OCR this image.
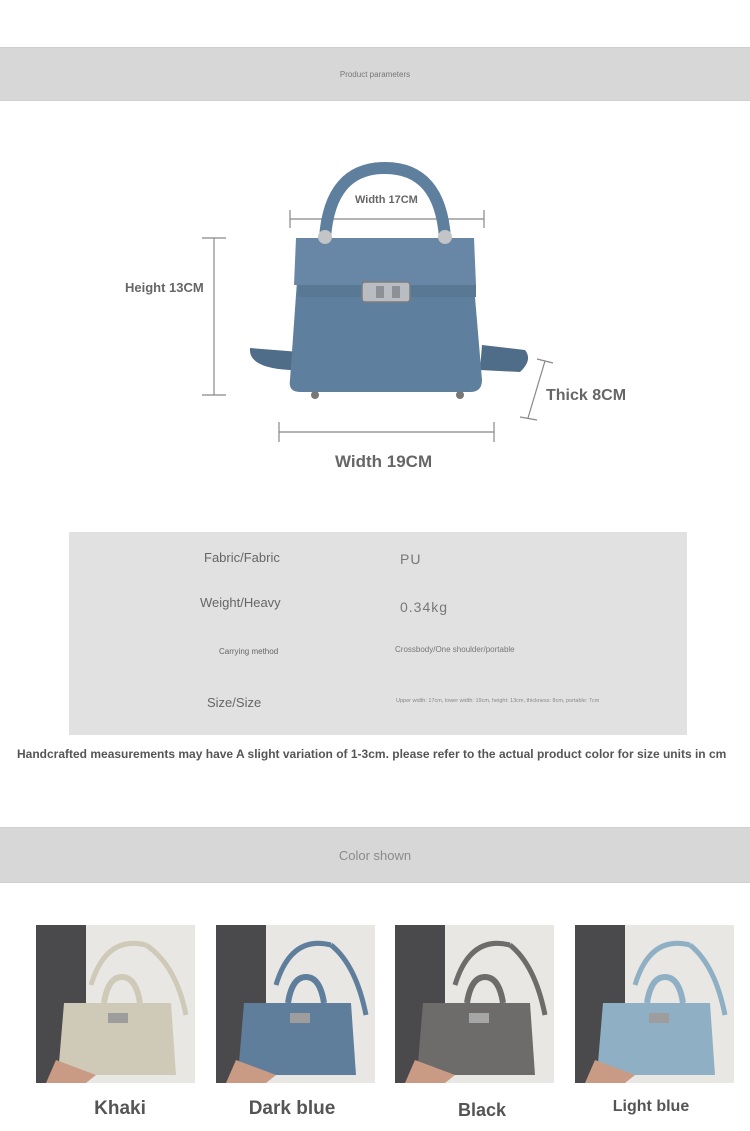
Product parameters
Width 17CM
Height 13CM
Thick 8CM
Width 19CM
Fabric/Fabric	PU
Weight/Heavy	0.34kg
Carrying method	Crossbody/One shoulder/portable
Size/Size	Upper width: 17cm, lower width: 19cm, height: 13cm, thickness: 8cm, portable: 7cm
Handcrafted measurements may have A slight variation of 1-3cm. please refer to the actual product color for size units in cm
Color shown
Khaki	Dark blue	Black	Light blue
